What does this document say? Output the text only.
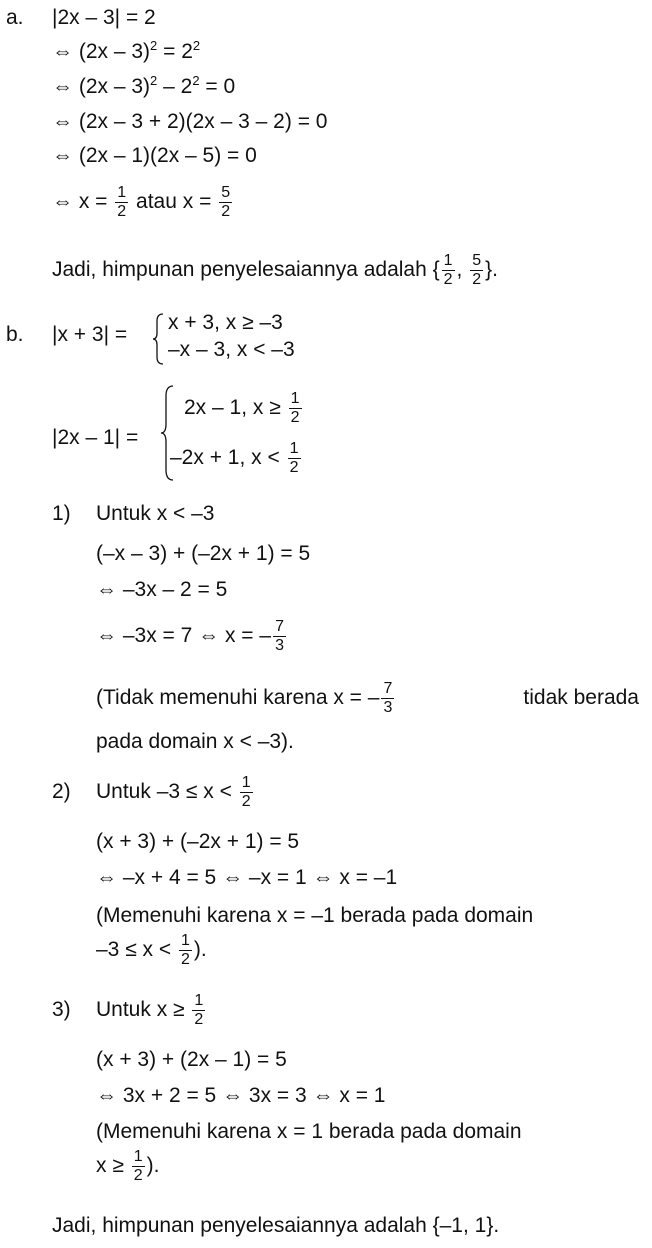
a. |2x – 3| = 2
⇔ $(2x - 3)^2 = 2^2$
⇔ $(2x - 3)^2 - 2^2 = 0$
⇔ (2x – 3 + 2)(2x – 3 – 2) = 0
⇔ (2x – 1)(2x – 5) = 0
⇔ $x = \frac{1}{2}$ atau $x = \frac{5}{2}$
Jadi, himpunan penyelesaiannya adalah { $\frac{1}{2}$ , $\frac{5}{2}$ }.
b. |x + 3| =
x + 3, x ≥ –3
–x – 3, x < –3
|2x – 1| =
2x – 1, $x \ge \frac{1}{2}$
–2x + 1, $x < \frac{1}{2}$
1) Untuk x < –3
(–x – 3) + (–2x + 1) = 5
⇔ –3x – 2 = 5
⇔ –3x = 7 ⇔ x = – $\frac{7}{3}$
(Tidak memenuhi karena x = – $\frac{7}{3}$	tidak berada
pada domain x < –3).
2) Untuk $-3 \le x < \frac{1}{2}$
(x + 3) + (–2x + 1) = 5
⇔ –x + 4 = 5 ⇔ –x = 1 ⇔ x = –1
(Memenuhi karena x = –1 berada pada domain
$-3 \le x < \frac{1}{2}$ ).
3) Untuk $x \ge \frac{1}{2}$
(x + 3) + (2x – 1) = 5
⇔ 3x + 2 = 5 ⇔ 3x = 3 ⇔ x = 1
(Memenuhi karena x = 1 berada pada domain
$x \ge \frac{1}{2}$ ).
Jadi, himpunan penyelesaiannya adalah {–1, 1}.
